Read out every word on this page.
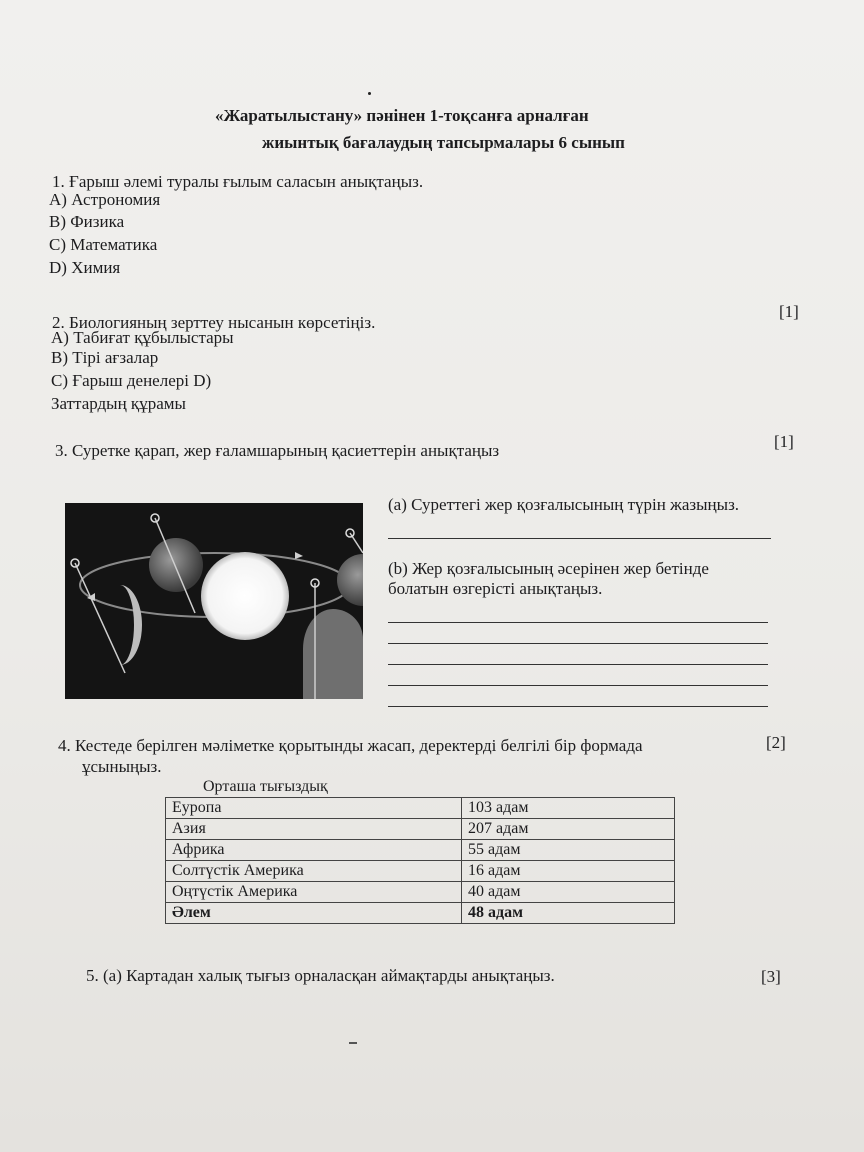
«Жаратылыстану» пәнінен 1-тоқсанға арналған
жиынтық бағалаудың тапсырмалары 6 сынып
1. Ғарыш әлемі туралы ғылым саласын анықтаңыз.
A) Астрономия
B) Физика
C) Математика
D) Химия
[1]
2. Биологияның зерттеу нысанын көрсетіңіз.
A) Табиғат құбылыстары
B) Тірі ағзалар
C) Ғарыш денелері D)
Заттардың құрамы
[1]
3. Суретке қарап, жер ғаламшарының қасиеттерін анықтаңыз
(a) Суреттегі жер қозғалысының түрін жазыңыз.
(b) Жер қозғалысының әсерінен жер бетінде
болатын өзгерісті анықтаңыз.
[2]
4. Кестеде берілген мәліметке қорытынды жасап, деректерді белгілі бір формада
ұсыныңыз.
Орташа тығыздық
Еуропа	103 адам
Азия	207 адам
Африка	55 адам
Солтүстік Америка	16 адам
Оңтүстік Америка	40 адам
Әлем	48 адам
[3]
5. (a) Картадан халық тығыз орналасқан аймақтарды анықтаңыз.
